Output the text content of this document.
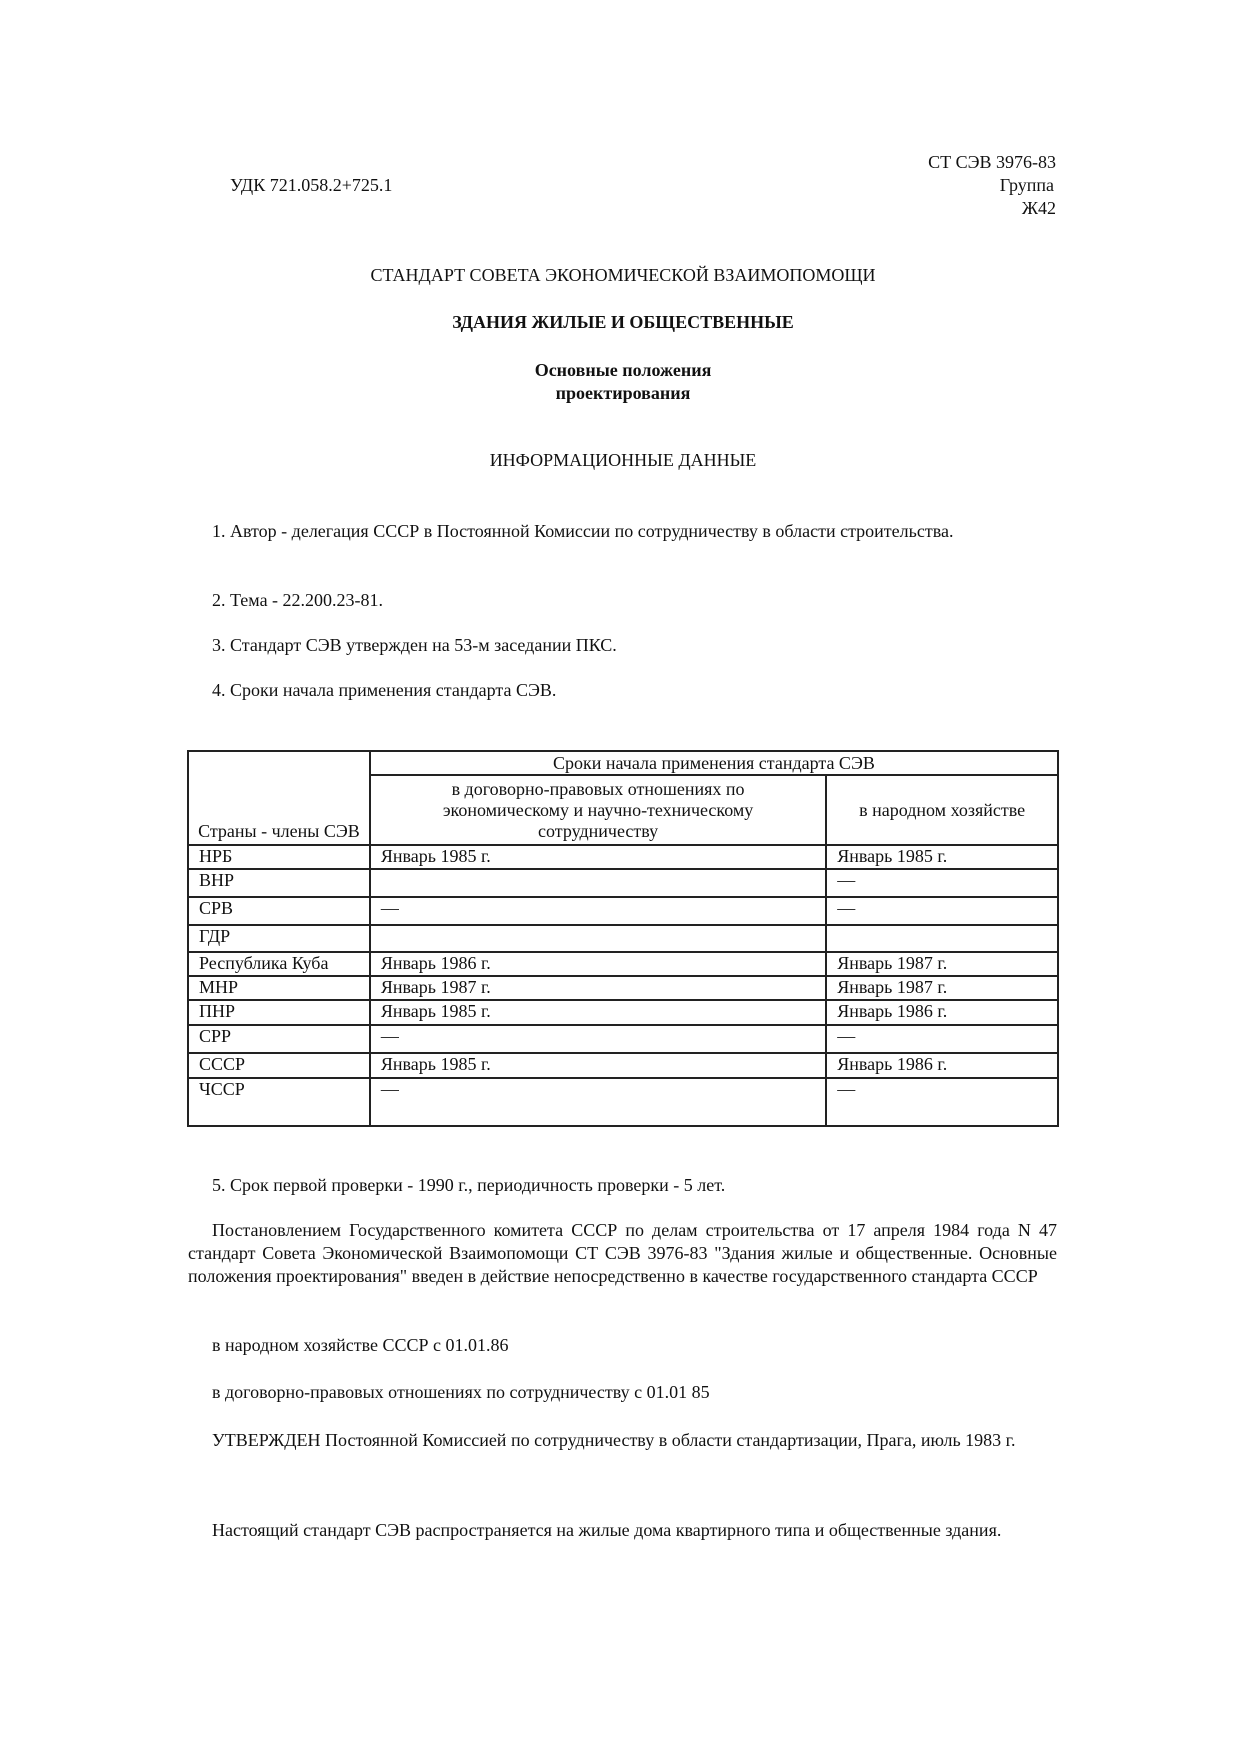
УДК 721.058.2+725.1
СТ СЭВ 3976-83
Группа
Ж42
СТАНДАРТ СОВЕТА ЭКОНОМИЧЕСКОЙ ВЗАИМОПОМОЩИ
ЗДАНИЯ ЖИЛЫЕ И ОБЩЕСТВЕННЫЕ
Основные положения
проектирования
ИНФОРМАЦИОННЫЕ ДАННЫЕ
1. Автор - делегация СССР в Постоянной Комиссии по сотрудничеству в области строительства.
2. Тема - 22.200.23-81.
3. Стандарт СЭВ утвержден на 53-м заседании ПКС.
4. Сроки начала применения стандарта СЭВ.
Страны - члены СЭВ	Сроки начала применения стандарта СЭВ	
	в договорно-правовых отношениях по экономическому и научно-техническому сотрудничеству	в народном хозяйстве
НРБ	Январь 1985 г.	Январь 1985 г.
ВНР		—
СРВ	—	—
ГДР		
Республика Куба	Январь 1986 г.	Январь 1987 г.
МНР	Январь 1987 г.	Январь 1987 г.
ПНР	Январь 1985 г.	Январь 1986 г.
СРР	—	—
СССР	Январь 1985 г.	Январь 1986 г.
ЧССР	—	—
5. Срок первой проверки - 1990 г., периодичность проверки - 5 лет.
Постановлением Государственного комитета СССР по делам строительства от 17 апреля 1984 года N 47 стандарт Совета Экономической Взаимопомощи СТ СЭВ 3976-83 "Здания жилые и общественные. Основные положения проектирования" введен в действие непосредственно в качестве государственного стандарта СССР
в народном хозяйстве СССР с 01.01.86
в договорно-правовых отношениях по сотрудничеству с 01.01 85
УТВЕРЖДЕН Постоянной Комиссией по сотрудничеству в области стандартизации, Прага, июль 1983 г.
Настоящий стандарт СЭВ распространяется на жилые дома квартирного типа и общественные здания.
